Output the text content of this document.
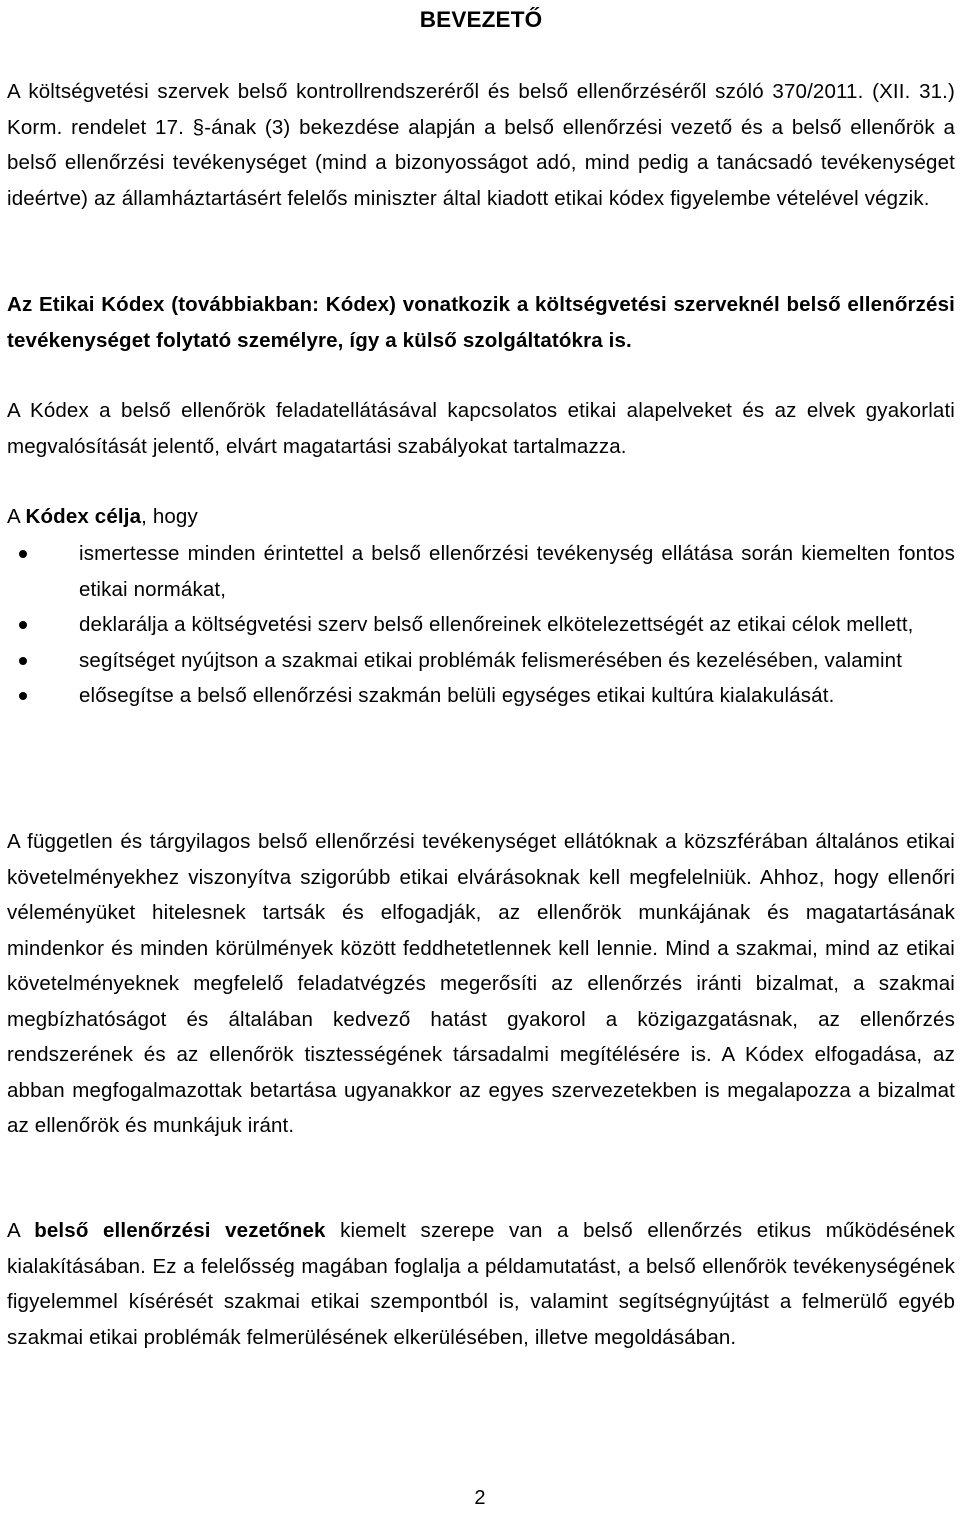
BEVEZETŐ

A költségvetési szervek belső kontrollrendszeréről és belső ellenőrzéséről szóló 370/2011. (XII. 31.) Korm. rendelet 17. §-ának (3) bekezdése alapján a belső ellenőrzési vezető és a belső ellenőrök a belső ellenőrzési tevékenységet (mind a bizonyosságot adó, mind pedig a tanácsadó tevékenységet ideértve) az államháztartásért felelős miniszter által kiadott etikai kódex figyelembe vételével végzik.

Az Etikai Kódex (továbbiakban: Kódex) vonatkozik a költségvetési szerveknél belső ellenőrzési tevékenységet folytató személyre, így a külső szolgáltatókra is.

A Kódex a belső ellenőrök feladatellátásával kapcsolatos etikai alapelveket és az elvek gyakorlati megvalósítását jelentő, elvárt magatartási szabályokat tartalmazza.

A Kódex célja, hogy

ismertesse minden érintettel a belső ellenőrzési tevékenység ellátása során kiemelten fontos etikai normákat,
deklarálja a költségvetési szerv belső ellenőreinek elkötelezettségét az etikai célok mellett,
segítséget nyújtson a szakmai etikai problémák felismerésében és kezelésében, valamint
elősegítse a belső ellenőrzési szakmán belüli egységes etikai kultúra kialakulását.

A független és tárgyilagos belső ellenőrzési tevékenységet ellátóknak a közszférában általános etikai követelményekhez viszonyítva szigorúbb etikai elvárásoknak kell megfelelniük. Ahhoz, hogy ellenőri véleményüket hitelesnek tartsák és elfogadják, az ellenőrök munkájának és magatartásának mindenkor és minden körülmények között feddhetetlennek kell lennie. Mind a szakmai, mind az etikai követelményeknek megfelelő feladatvégzés megerősíti az ellenőrzés iránti bizalmat, a szakmai megbízhatóságot és általában kedvező hatást gyakorol a közigazgatásnak, az ellenőrzés rendszerének és az ellenőrök tisztességének társadalmi megítélésére is. A Kódex elfogadása, az abban megfogalmazottak betartása ugyanakkor az egyes szervezetekben is megalapozza a bizalmat az ellenőrök és munkájuk iránt.

A belső ellenőrzési vezetőnek kiemelt szerepe van a belső ellenőrzés etikus működésének kialakításában. Ez a felelősség magában foglalja a példamutatást, a belső ellenőrök tevékenységének figyelemmel kísérését szakmai etikai szempontból is, valamint segítségnyújtást a felmerülő egyéb szakmai etikai problémák felmerülésének elkerülésében, illetve megoldásában.

2
